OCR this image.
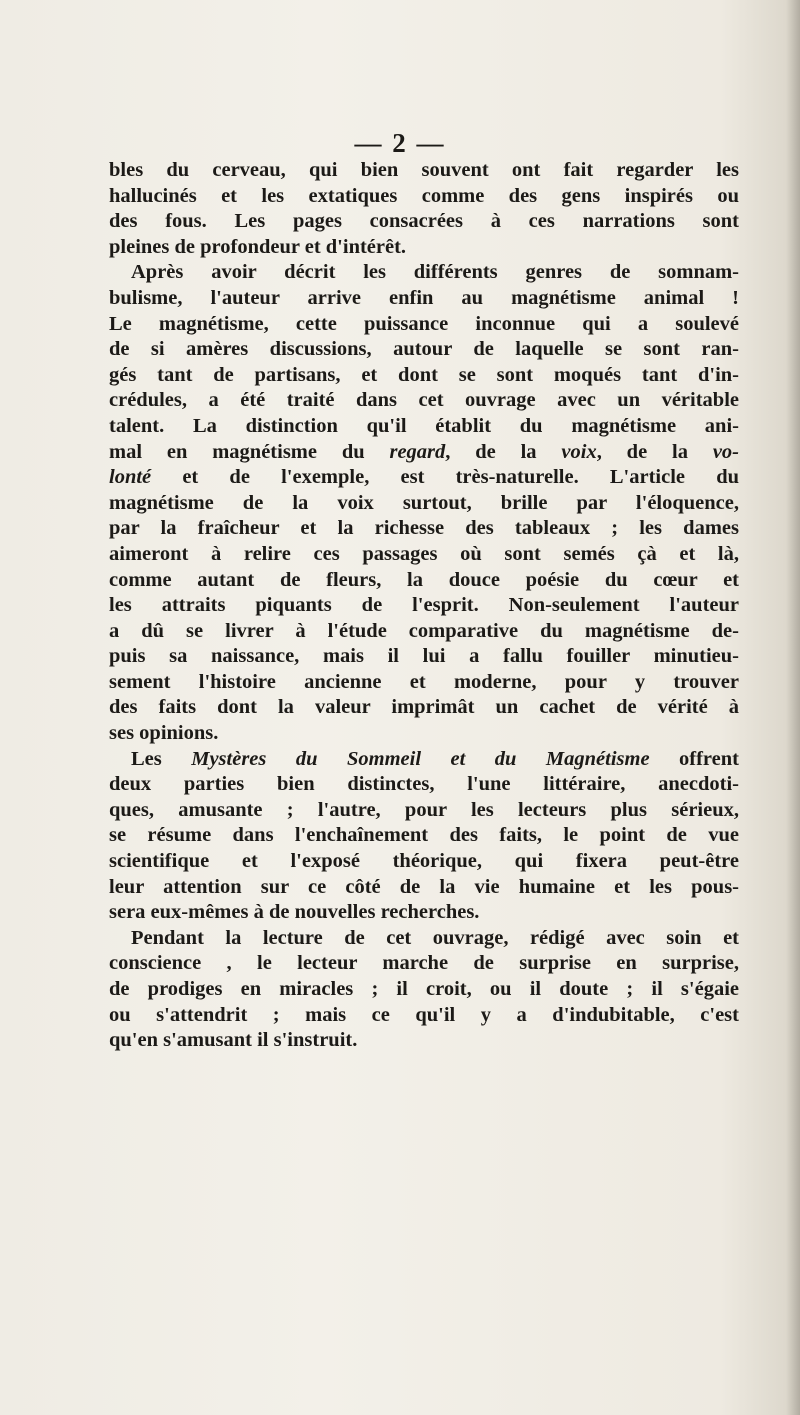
— 2 —
bles du cerveau, qui bien souvent ont fait regarder les
hallucinés et les extatiques comme des gens inspirés ou
des fous. Les pages consacrées à ces narrations sont
pleines de profondeur et d'intérêt.
Après avoir décrit les différents genres de somnam-
bulisme, l'auteur arrive enfin au magnétisme animal !
Le magnétisme, cette puissance inconnue qui a soulevé
de si amères discussions, autour de laquelle se sont ran-
gés tant de partisans, et dont se sont moqués tant d'in-
crédules, a été traité dans cet ouvrage avec un véritable
talent. La distinction qu'il établit du magnétisme ani-
mal en magnétisme du regard, de la voix, de la vo-
lonté et de l'exemple, est très-naturelle. L'article du
magnétisme de la voix surtout, brille par l'éloquence,
par la fraîcheur et la richesse des tableaux ; les dames
aimeront à relire ces passages où sont semés çà et là,
comme autant de fleurs, la douce poésie du cœur et
les attraits piquants de l'esprit. Non-seulement l'auteur
a dû se livrer à l'étude comparative du magnétisme de-
puis sa naissance, mais il lui a fallu fouiller minutieu-
sement l'histoire ancienne et moderne, pour y trouver
des faits dont la valeur imprimât un cachet de vérité à
ses opinions.
Les Mystères du Sommeil et du Magnétisme offrent
deux parties bien distinctes, l'une littéraire, anecdoti-
ques, amusante ; l'autre, pour les lecteurs plus sérieux,
se résume dans l'enchaînement des faits, le point de vue
scientifique et l'exposé théorique, qui fixera peut-être
leur attention sur ce côté de la vie humaine et les pous-
sera eux-mêmes à de nouvelles recherches.
Pendant la lecture de cet ouvrage, rédigé avec soin et
conscience , le lecteur marche de surprise en surprise,
de prodiges en miracles ; il croit, ou il doute ; il s'égaie
ou s'attendrit ; mais ce qu'il y a d'indubitable, c'est
qu'en s'amusant il s'instruit.
